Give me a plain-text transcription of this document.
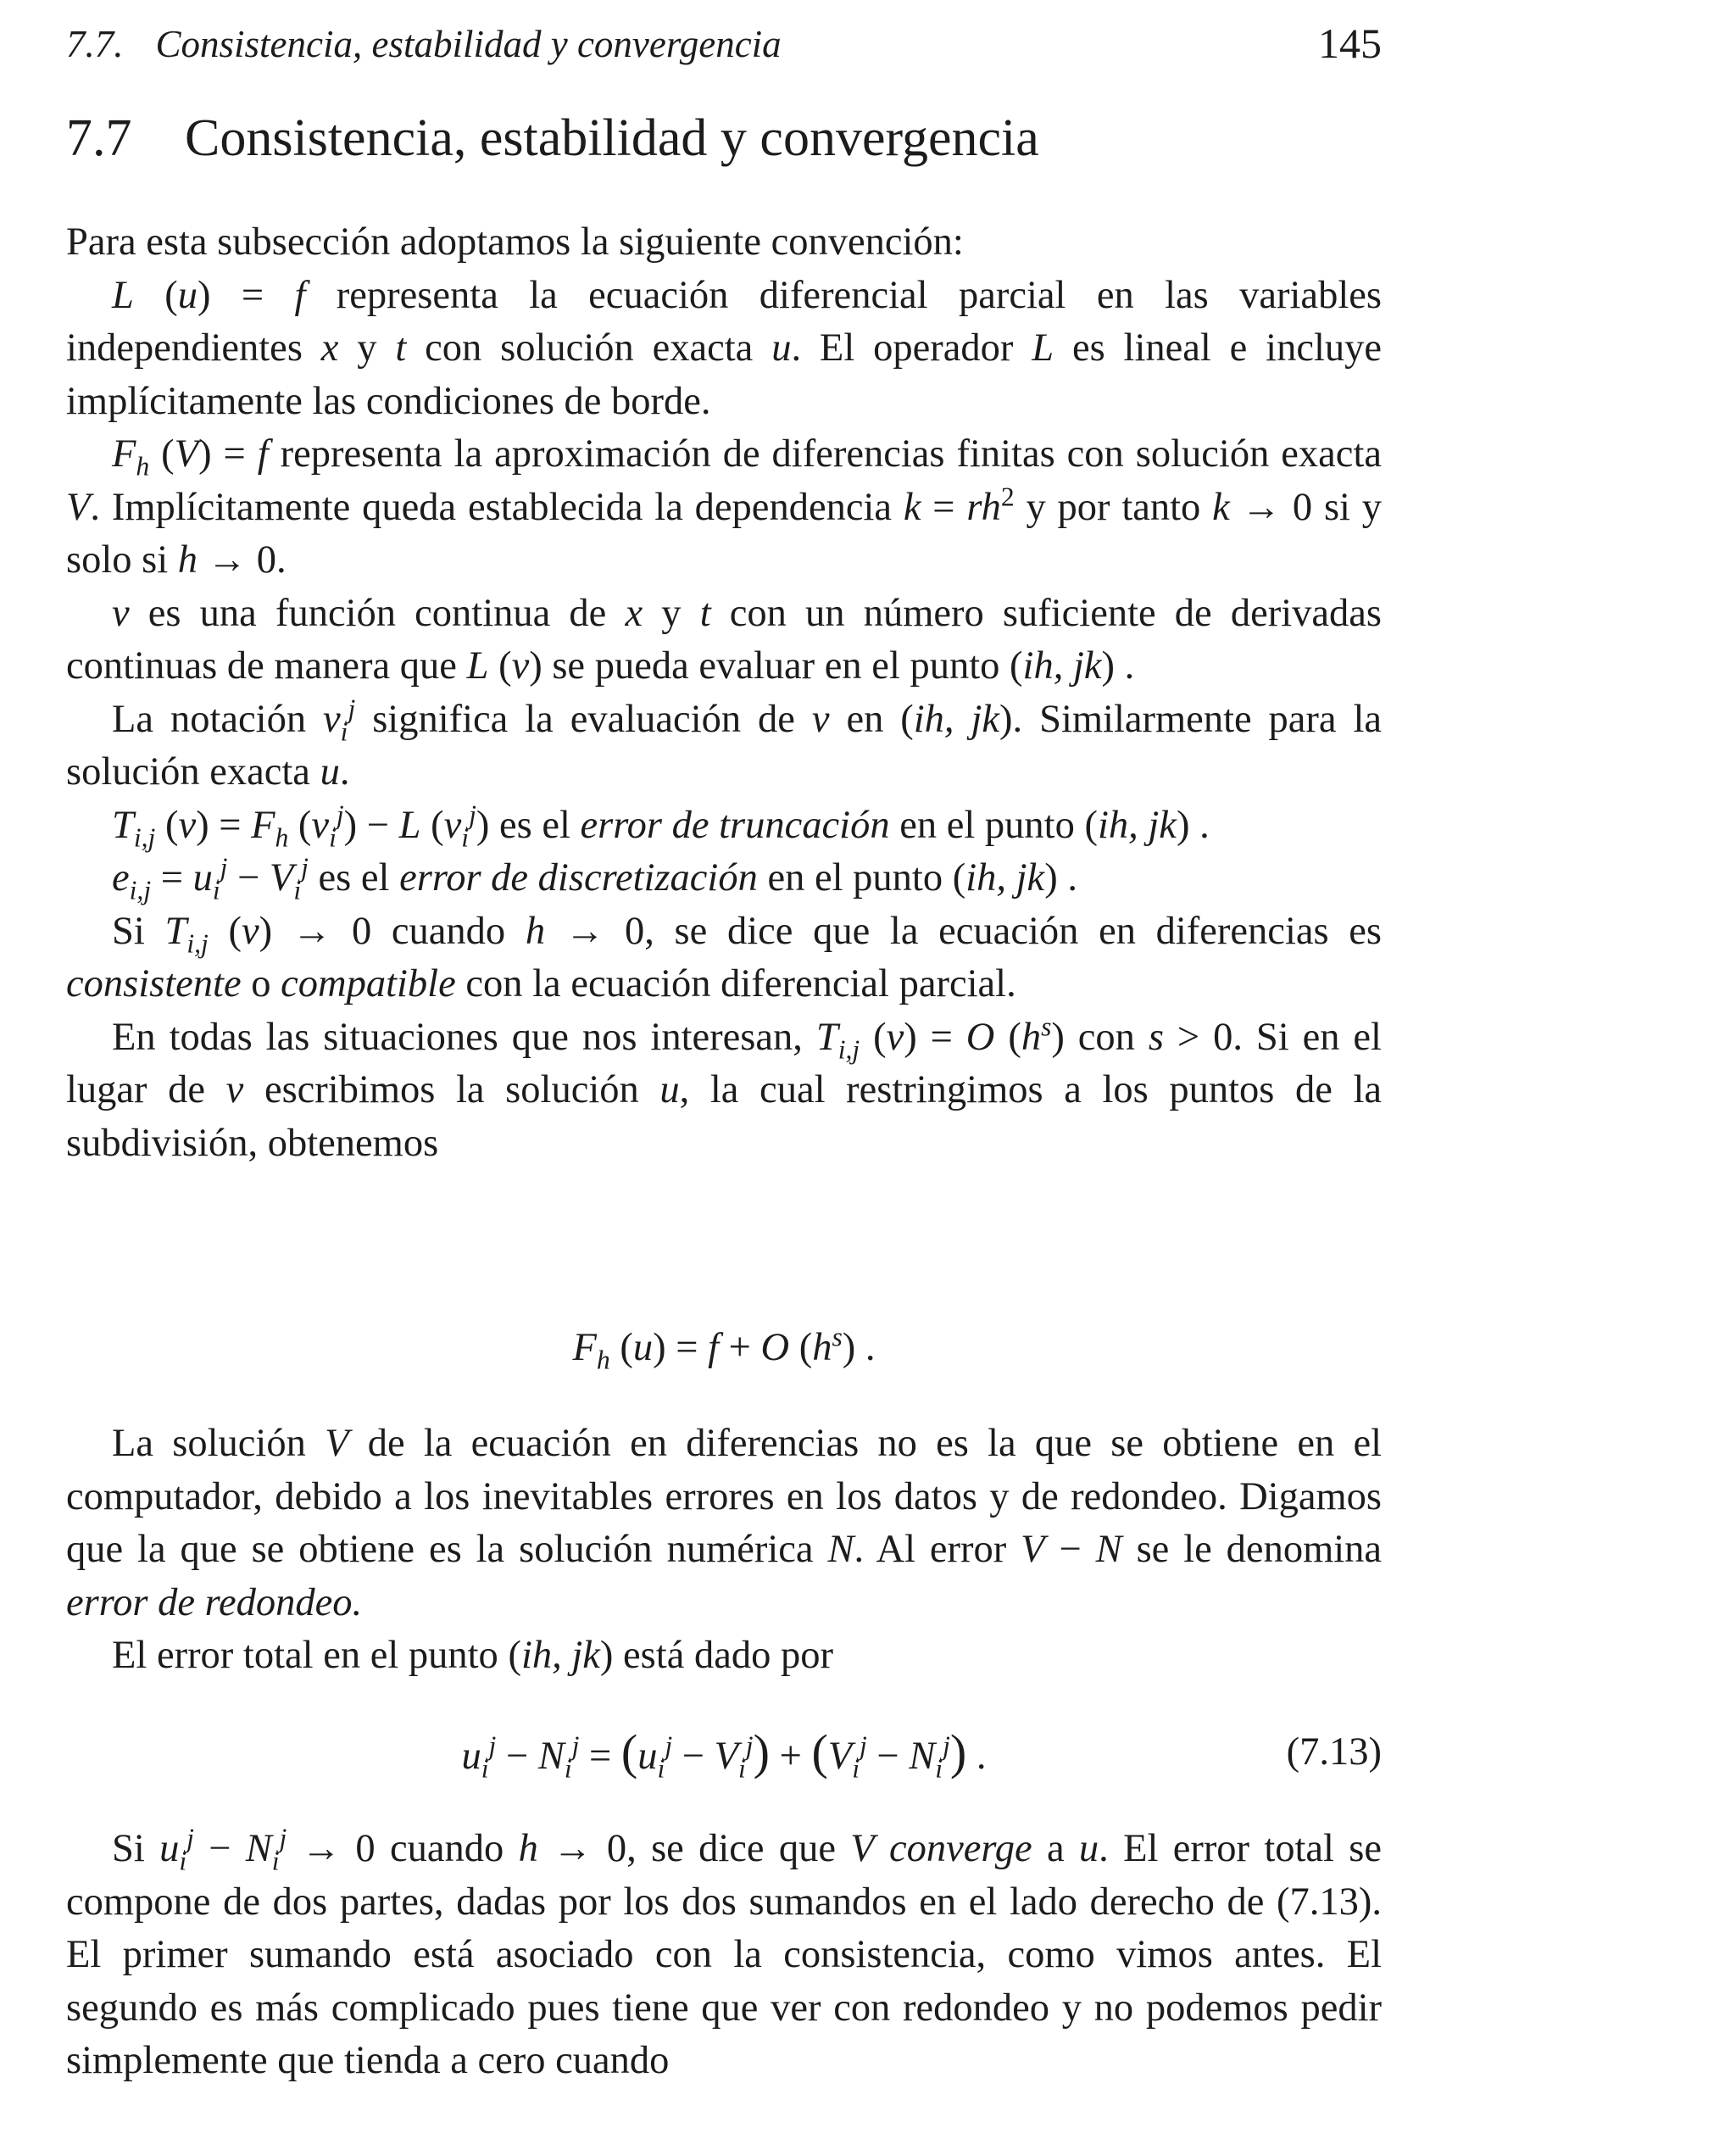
7.7. Consistencia, estabilidad y convergencia	145
7.7 Consistencia, estabilidad y convergencia

Para esta subsección adoptamos la siguiente convención:

L (u) = f representa la ecuación diferencial parcial en las variables independientes x y t con solución exacta u. El operador L es lineal e incluye implícitamente las condiciones de borde.

$F_h$ (V) = f representa la aproximación de diferencias finitas con solución exacta V. Implícitamente queda establecida la dependencia $k = rh^2$ y por tanto k → 0 si y solo si h → 0.

v es una función continua de x y t con un número suficiente de derivadas continuas de manera que L (v) se pueda evaluar en el punto (ih, jk) .

La notación $v_i^j$ significa la evaluación de v en (ih, jk). Similarmente para la solución exacta u.

$T_{i,j}$ $(v) = F_h$ $(v_i^j) - L$ $(v_i^j)$ es el error de truncación en el punto (ih, jk) .

$e_{i,j} = u_i^j - V_i^j$ es el error de discretización en el punto (ih, jk) .

Si $T_{i,j}$ (v) → 0 cuando h → 0, se dice que la ecuación en diferencias es consistente o compatible con la ecuación diferencial parcial.

En todas las situaciones que nos interesan, $T_{i,j}$ (v) = O $(h^s)$ con s > 0. Si en el lugar de v escribimos la solución u, la cual restringimos a los puntos de la subdivisión, obtenemos

$F_h$ (u) = f + O $(h^s)$ .

La solución V de la ecuación en diferencias no es la que se obtiene en el computador, debido a los inevitables errores en los datos y de redondeo. Digamos que la que se obtiene es la solución numérica N. Al error V − N se le denomina error de redondeo.

El error total en el punto (ih, jk) está dado por

$u_i^j - N_i^j = (u_i^j - V_i^j) + (V_i^j - N_i^j)$ .	(7.13)

Si $u_i^j - N_i^j \to 0$ cuando h → 0, se dice que V converge a u. El error total se compone de dos partes, dadas por los dos sumandos en el lado derecho de (7.13). El primer sumando está asociado con la consistencia, como vimos antes. El segundo es más complicado pues tiene que ver con redondeo y no podemos pedir simplemente que tienda a cero cuando
